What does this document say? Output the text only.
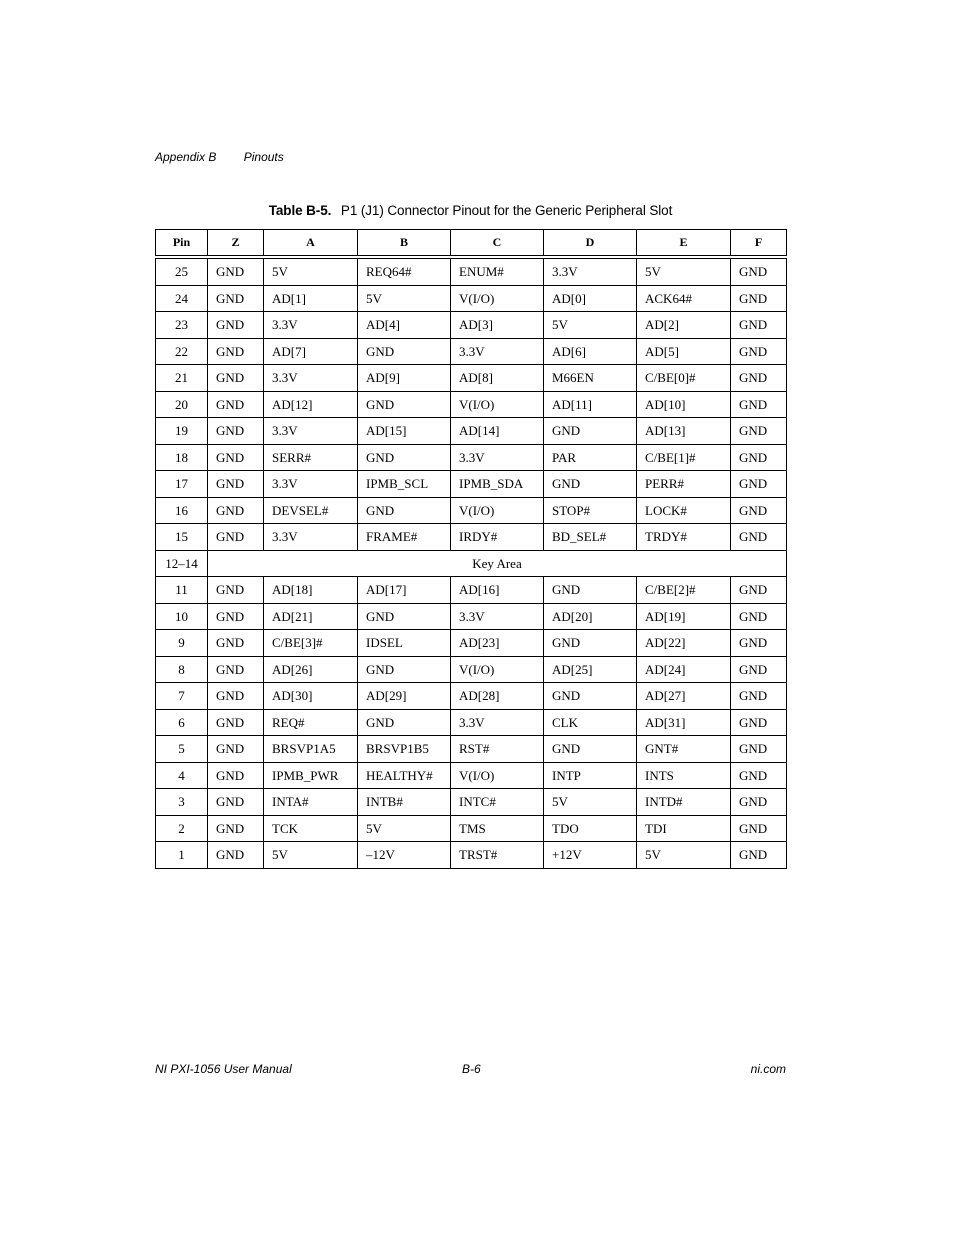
Appendix B Pinouts
Table B-5. P1 (J1) Connector Pinout for the Generic Peripheral Slot
Pin	Z	A	B	C	D	E	F
25	GND	5V	REQ64#	ENUM#	3.3V	5V	GND
24	GND	AD[1]	5V	V(I/O)	AD[0]	ACK64#	GND
23	GND	3.3V	AD[4]	AD[3]	5V	AD[2]	GND
22	GND	AD[7]	GND	3.3V	AD[6]	AD[5]	GND
21	GND	3.3V	AD[9]	AD[8]	M66EN	C/BE[0]#	GND
20	GND	AD[12]	GND	V(I/O)	AD[11]	AD[10]	GND
19	GND	3.3V	AD[15]	AD[14]	GND	AD[13]	GND
18	GND	SERR#	GND	3.3V	PAR	C/BE[1]#	GND
17	GND	3.3V	IPMB_SCL	IPMB_SDA	GND	PERR#	GND
16	GND	DEVSEL#	GND	V(I/O)	STOP#	LOCK#	GND
15	GND	3.3V	FRAME#	IRDY#	BD_SEL#	TRDY#	GND
12–14	Key Area						
11	GND	AD[18]	AD[17]	AD[16]	GND	C/BE[2]#	GND
10	GND	AD[21]	GND	3.3V	AD[20]	AD[19]	GND
9	GND	C/BE[3]#	IDSEL	AD[23]	GND	AD[22]	GND
8	GND	AD[26]	GND	V(I/O)	AD[25]	AD[24]	GND
7	GND	AD[30]	AD[29]	AD[28]	GND	AD[27]	GND
6	GND	REQ#	GND	3.3V	CLK	AD[31]	GND
5	GND	BRSVP1A5	BRSVP1B5	RST#	GND	GNT#	GND
4	GND	IPMB_PWR	HEALTHY#	V(I/O)	INTP	INTS	GND
3	GND	INTA#	INTB#	INTC#	5V	INTD#	GND
2	GND	TCK	5V	TMS	TDO	TDI	GND
1	GND	5V	–12V	TRST#	+12V	5V	GND
NI PXI-1056 User Manual	B-6	ni.com
